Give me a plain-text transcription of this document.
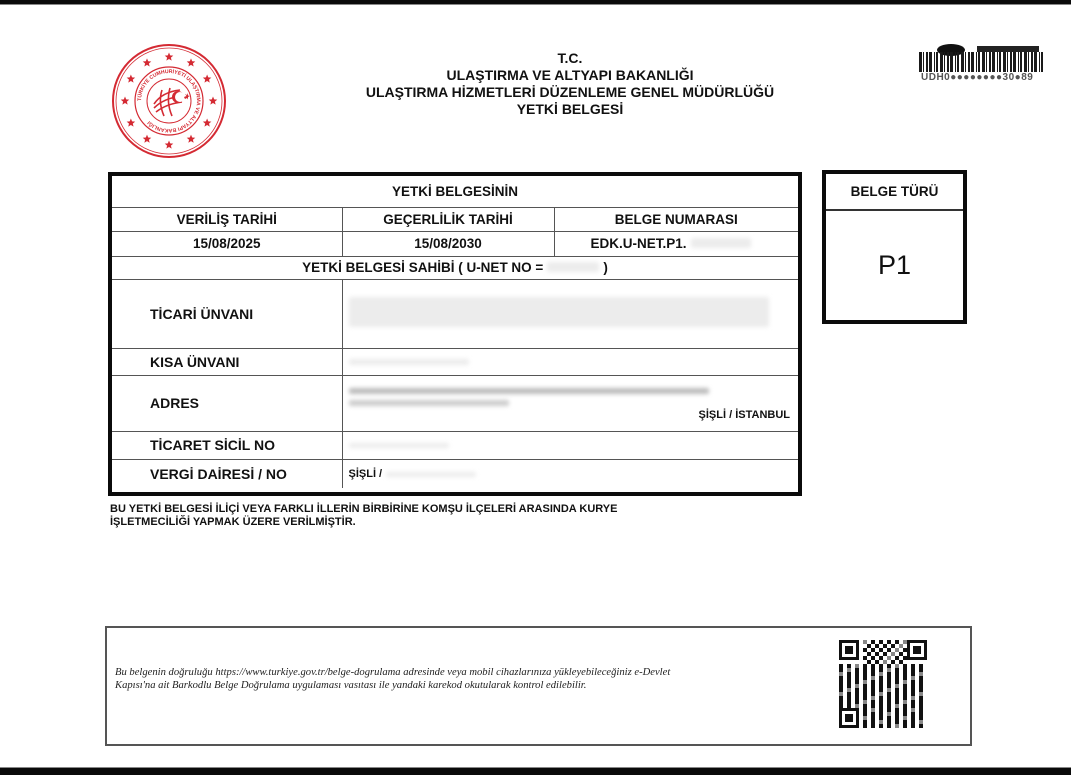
TÜRKİYE CUMHURİYETİ ULAŞTIRMA VE ALTYAPI BAKANLIĞI
T.C.
ULAŞTIRMA VE ALTYAPI BAKANLIĞI
ULAŞTIRMA HİZMETLERİ DÜZENLEME GENEL MÜDÜRLÜĞÜ
YETKİ BELGESİ
UDH0●●●●●●●●30●89
YETKİ BELGESİNİN		
VERİLİŞ TARİHİ	GEÇERLİLİK TARİHİ	BELGE NUMARASI
15/08/2025	15/08/2030	EDK.U-NET.P1.
YETKİ BELGESİ SAHİBİ ( U-NET NO = )		
TİCARİ ÜNVANI		
KISA ÜNVANI		
ADRES	ŞİŞLİ / İSTANBUL	

TİCARET SİCİL NO		
VERGİ DAİRESİ / NO	ŞİŞLİ /	
BELGE TÜRÜ
P1
BU YETKİ BELGESİ İLİÇİ VEYA FARKLI İLLERİN BİRBİRİNE KOMŞU İLÇELERİ ARASINDA KURYE
İŞLETMECİLİĞİ YAPMAK ÜZERE VERİLMİŞTİR.
Bu belgenin doğruluğu https://www.turkiye.gov.tr/belge-dogrulama adresinde veya mobil cihazlarınıza yükleyebileceğiniz e-Devlet
Kapısı'na ait Barkodlu Belge Doğrulama uygulaması vasıtası ile yandaki karekod okutularak kontrol edilebilir.
